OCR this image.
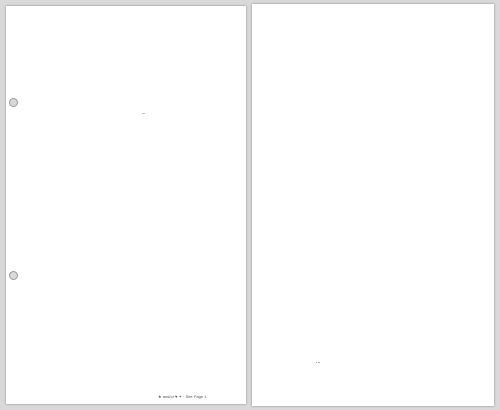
–
★ and/or ♥ ✦ · See Page 1
...
